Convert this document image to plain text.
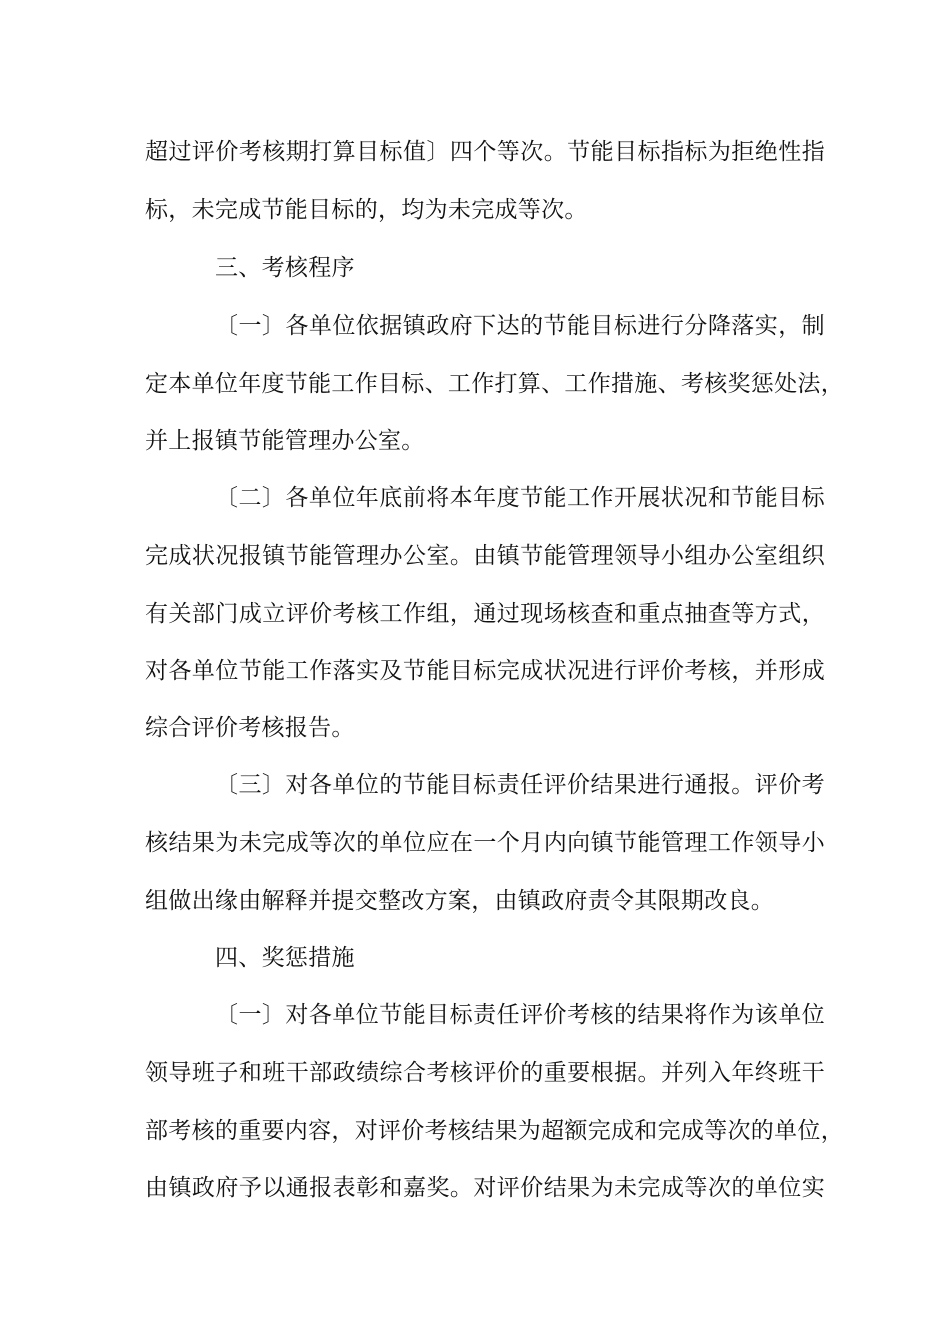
超过评价考核期打算目标值〕四个等次。节能目标指标为拒绝性指
标，未完成节能目标的，均为未完成等次。
三、考核程序
〔一〕各单位依据镇政府下达的节能目标进行分降落实，制
定本单位年度节能工作目标、工作打算、工作措施、考核奖惩处法，
并上报镇节能管理办公室。
〔二〕各单位年底前将本年度节能工作开展状况和节能目标
完成状况报镇节能管理办公室。由镇节能管理领导小组办公室组织
有关部门成立评价考核工作组，通过现场核查和重点抽查等方式，
对各单位节能工作落实及节能目标完成状况进行评价考核，并形成
综合评价考核报告。
〔三〕对各单位的节能目标责任评价结果进行通报。评价考
核结果为未完成等次的单位应在一个月内向镇节能管理工作领导小
组做出缘由解释并提交整改方案，由镇政府责令其限期改良。
四、奖惩措施
〔一〕对各单位节能目标责任评价考核的结果将作为该单位
领导班子和班干部政绩综合考核评价的重要根据。并列入年终班干
部考核的重要内容，对评价考核结果为超额完成和完成等次的单位，
由镇政府予以通报表彰和嘉奖。对评价结果为未完成等次的单位实
